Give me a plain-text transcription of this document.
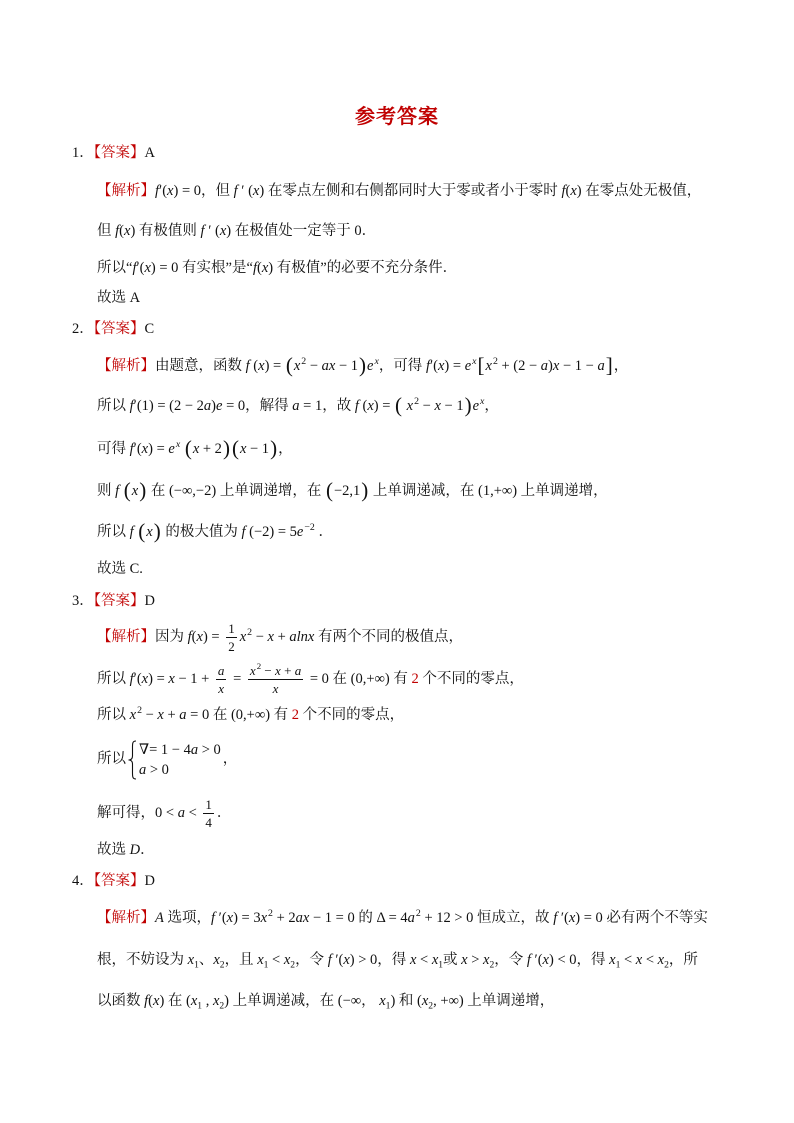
参考答案
1．【答案】A
【解析】f′(x) = 0，但 f ′ (x) 在零点左侧和右侧都同时大于零或者小于零时 f(x) 在零点处无极值，
但 f(x) 有极值则 f ′ (x) 在极值处一定等于 0．
所以“f′(x) = 0 有实根”是“f(x) 有极值”的必要不充分条件．
故选 A
2．【答案】C
【解析】由题意，函数 f $(x) = (x^2$ − ax − $1)e^x$，可得 $f'(x) = e^x[x^2 + (2 - a)x - 1 - a]$，
所以 f′(1) = (2 − 2a)e = 0，解得 a = 1，故 f (x) = ( $x^2 - x - 1)e^x$，
可得 $f'(x) = e^x$ (x + 2)(x − 1)，
则 f (x) 在 (−∞,−2) 上单调递增，在 (−2,1) 上单调递减，在 (1,+∞) 上单调递增，
所以 f (x) 的极大值为 f $(-2) = 5e^{-2}$ ．
故选 C.
3．【答案】D
【解析】因为 $f(x) = \frac{1}{2} x^2 - x + alnx$ 有两个不同的极值点，
所以 $f'(x) = x - 1 + \frac{a}{x} = \frac{x^2 - x + a}{x} = 0$ 在 (0,+∞) 有 2 个不同的零点，
所以 $x^2 - x + a = 0$ 在 (0,+∞) 有 2 个不同的零点，
所以
∇= 1 − 4a > 0
a > 0
，
解可得，$0 < a < \frac{1}{4}$ ．
故选 D．
4．【答案】D
【解析】A 选项，f $'(x) = 3x^2 + 2ax - 1 = 0$ 的 $\Delta = 4a^2 + 12 > 0$ 恒成立，故 f ′(x) = 0 必有两个不等实
根，不妨设为 $x_1$、$x_2$，且 $x_1 < x_2$，令 f ′(x) > 0，得 $x < x_1$或 $x > x_2$，令 f ′(x) < 0，得 $x_1 < x < x_2$，所
以函数 f(x) 在 ($x_1$ , $x_2$) 上单调递减，在 (−∞， $x_1$) 和 ($x_2$, +∞) 上单调递增，
